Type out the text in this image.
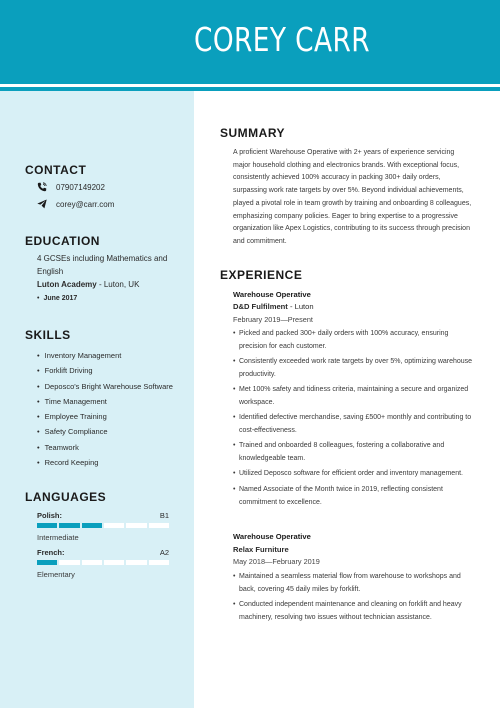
COREY CARR
CONTACT
07907149202
corey@carr.com
EDUCATION
4 GCSEs including Mathematics and English
Luton Academy - Luton, UK
• June 2017
SKILLS
• Inventory Management
• Forklift Driving
• Deposco's Bright Warehouse Software
• Time Management
• Employee Training
• Safety Compliance
• Teamwork
• Record Keeping
LANGUAGES
Polish:	B1
Intermediate
French:	A2
Elementary
SUMMARY
A proficient Warehouse Operative with 2+ years of experience servicing major household clothing and electronics brands. With exceptional focus, consistently achieved 100% accuracy in packing 300+ daily orders, surpassing work rate targets by over 5%. Beyond individual achievements, played a pivotal role in team growth by training and onboarding 8 colleagues, emphasizing company policies. Eager to bring expertise to a progressive organization like Apex Logistics, contributing to its success through precision and commitment.
EXPERIENCE
Warehouse Operative
D&D Fulfilment - Luton
February 2019—Present
• Picked and packed 300+ daily orders with 100% accuracy, ensuring precision for each customer.
• Consistently exceeded work rate targets by over 5%, optimizing warehouse productivity.
• Met 100% safety and tidiness criteria, maintaining a secure and organized workspace.
• Identified defective merchandise, saving £500+ monthly and contributing to cost-effectiveness.
• Trained and onboarded 8 colleagues, fostering a collaborative and knowledgeable team.
• Utilized Deposco software for efficient order and inventory management.
• Named Associate of the Month twice in 2019, reflecting consistent commitment to excellence.
Warehouse Operative
Relax Furniture
May 2018—February 2019
• Maintained a seamless material flow from warehouse to workshops and back, covering 45 daily miles by forklift.
• Conducted independent maintenance and cleaning on forklift and heavy machinery, resolving two issues without technician assistance.
